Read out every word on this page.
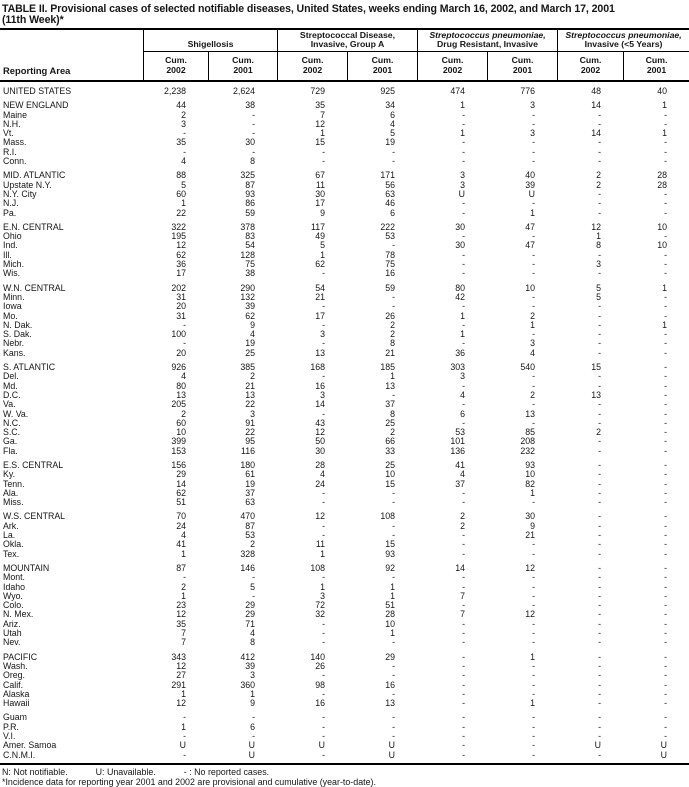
TABLE II. Provisional cases of selected notifiable diseases, United States, weeks ending March 16, 2002, and March 17, 2001
(11th Week)*
Reporting Area
Shigellosis
Streptococcal Disease,
Invasive, Group A
Streptococcus pneumoniae,
Drug Resistant, Invasive
Streptococcus pneumoniae,
Invasive (<5 Years)
Cum.
2002
Cum.
2001
Cum.
2002
Cum.
2001
Cum.
2002
Cum.
2001
Cum.
2002
Cum.
2001
UNITED STATES	2,238	2,624	729	925	474	776	48	40
NEW ENGLAND	44	38	35	34	1	3	14	1
Maine	2	-	7	6	-	-	-	-
N.H.	3	-	12	4	-	-	-	-
Vt.	-	-	1	5	1	3	14	1
Mass.	35	30	15	19	-	-	-	-
R.I.	-	-	-	-	-	-	-	-
Conn.	4	8	-	-	-	-	-	-
MID. ATLANTIC	88	325	67	171	3	40	2	28
Upstate N.Y.	5	87	11	56	3	39	2	28
N.Y. City	60	93	30	63	U	U	-	-
N.J.	1	86	17	46	-	-	-	-
Pa.	22	59	9	6	-	1	-	-
E.N. CENTRAL	322	378	117	222	30	47	12	10
Ohio	195	83	49	53	-	-	1	-
Ind.	12	54	5	-	30	47	8	10
Ill.	62	128	1	78	-	-	-	-
Mich.	36	75	62	75	-	-	3	-
Wis.	17	38	-	16	-	-	-	-
W.N. CENTRAL	202	290	54	59	80	10	5	1
Minn.	31	132	21	-	42	-	5	-
Iowa	20	39	-	-	-	-	-	-
Mo.	31	62	17	26	1	2	-	-
N. Dak.	-	9	-	2	-	1	-	1
S. Dak.	100	4	3	2	1	-	-	-
Nebr.	-	19	-	8	-	3	-	-
Kans.	20	25	13	21	36	4	-	-
S. ATLANTIC	926	385	168	185	303	540	15	-
Del.	4	2	-	1	3	-	-	-
Md.	80	21	16	13	-	-	-	-
D.C.	13	13	3	-	4	2	13	-
Va.	205	22	14	37	-	-	-	-
W. Va.	2	3	-	8	6	13	-	-
N.C.	60	91	43	25	-	-	-	-
S.C.	10	22	12	2	53	85	2	-
Ga.	399	95	50	66	101	208	-	-
Fla.	153	116	30	33	136	232	-	-
E.S. CENTRAL	156	180	28	25	41	93	-	-
Ky.	29	61	4	10	4	10	-	-
Tenn.	14	19	24	15	37	82	-	-
Ala.	62	37	-	-	-	1	-	-
Miss.	51	63	-	-	-	-	-	-
W.S. CENTRAL	70	470	12	108	2	30	-	-
Ark.	24	87	-	-	2	9	-	-
La.	4	53	-	-	-	21	-	-
Okla.	41	2	11	15	-	-	-	-
Tex.	1	328	1	93	-	-	-	-
MOUNTAIN	87	146	108	92	14	12	-	-
Mont.	-	-	-	-	-	-	-	-
Idaho	2	5	1	1	-	-	-	-
Wyo.	1	-	3	1	7	-	-	-
Colo.	23	29	72	51	-	-	-	-
N. Mex.	12	29	32	28	7	12	-	-
Ariz.	35	71	-	10	-	-	-	-
Utah	7	4	-	1	-	-	-	-
Nev.	7	8	-	-	-	-	-	-
PACIFIC	343	412	140	29	-	1	-	-
Wash.	12	39	26	-	-	-	-	-
Oreg.	27	3	-	-	-	-	-	-
Calif.	291	360	98	16	-	-	-	-
Alaska	1	1	-	-	-	-	-	-
Hawaii	12	9	16	13	-	1	-	-
Guam	-	-	-	-	-	-	-	-
P.R.	1	6	-	-	-	-	-	-
V.I.	-	-	-	-	-	-	-	-
Amer. Samoa	U	U	U	U	-	-	U	U
C.N.M.I.	-	U	-	U	-	-	-	U
N: Not notifiable.	U: Unavailable.	- : No reported cases.
*Incidence data for reporting year 2001 and 2002 are provisional and cumulative (year-to-date).
